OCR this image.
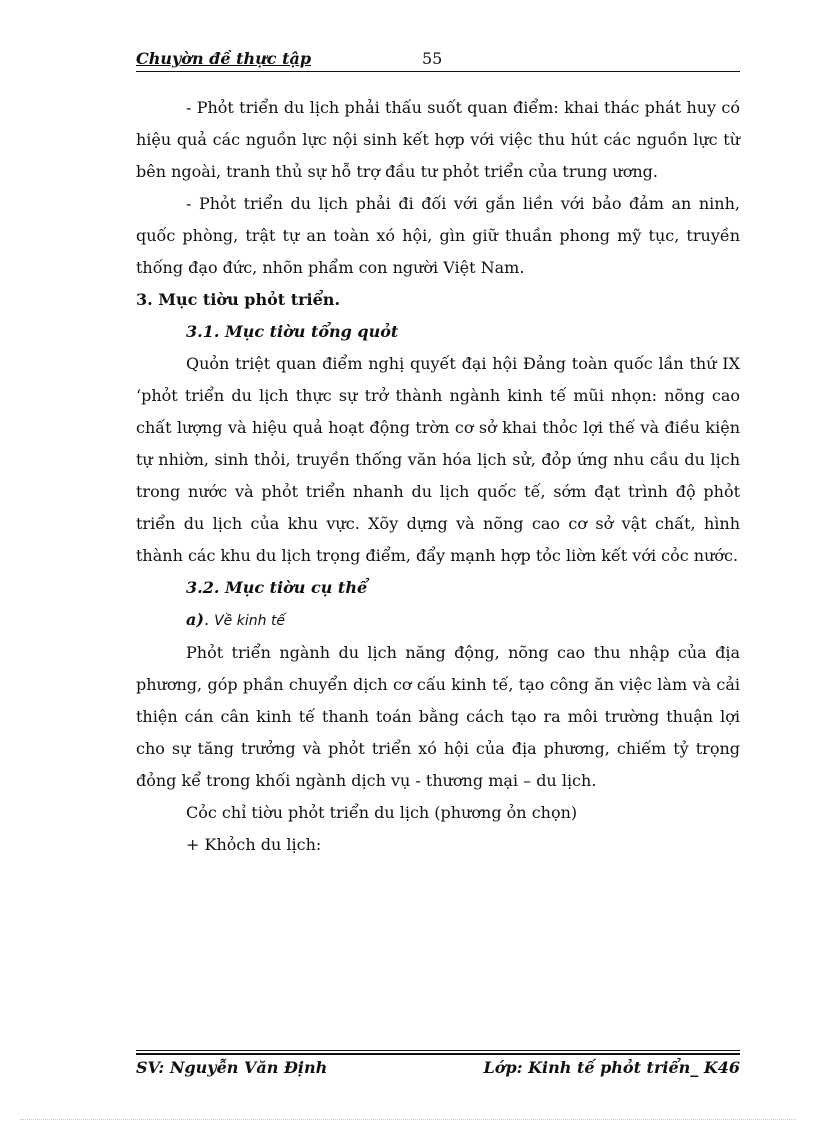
Chuyờn đề thực tập	55

- Phỏt triển du lịch phải thấu suốt quan điểm: khai thác phát huy có hiệu quả các nguồn lực nội sinh kết hợp với việc thu hút các nguồn lực từ bên ngoài, tranh thủ sự hỗ trợ đầu tư phỏt triển của trung ương.

- Phỏt triển du lịch phải đi đối với gắn liền với bảo đảm an ninh, quốc phòng, trật tự an toàn xó hội, gìn giữ thuần phong mỹ tục, truyền thống đạo đức, nhõn phẩm con người Việt Nam.

3. Mục tiờu phỏt triển.

3.1. Mục tiờu tổng quỏt

Quỏn triệt quan điểm nghị quyết đại hội Đảng toàn quốc lần thứ IX ‘phỏt triển du lịch thực sự trở thành ngành kinh tế mũi nhọn: nõng cao chất lượng và hiệu quả hoạt động trờn cơ sở khai thỏc lợi thế và điều kiện tự nhiờn, sinh thỏi, truyền thống văn hóa lịch sử, đỏp ứng nhu cầu du lịch trong nước và phỏt triển nhanh du lịch quốc tế, sớm đạt trình độ phỏt triển du lịch của khu vực. Xõy dựng và nõng cao cơ sở vật chất, hình thành các khu du lịch trọng điểm, đẩy mạnh hợp tỏc liờn kết với cỏc nước.

3.2. Mục tiờu cụ thể

a). Về kinh tế

Phỏt triển ngành du lịch năng động, nõng cao thu nhập của địa phương, góp phần chuyển dịch cơ cấu kinh tế, tạo công ăn việc làm và cải thiện cán cân kinh tế thanh toán bằng cách tạo ra môi trường thuận lợi cho sự tăng trưởng và phỏt triển xó hội của địa phương, chiếm tỷ trọng đỏng kể trong khối ngành dịch vụ - thương mại – du lịch.

Cỏc chỉ tiờu phỏt triển du lịch (phương ỏn chọn)

+ Khỏch du lịch:

SV: Nguyễn Văn Định	Lớp: Kinh tế phỏt triển_ K46
